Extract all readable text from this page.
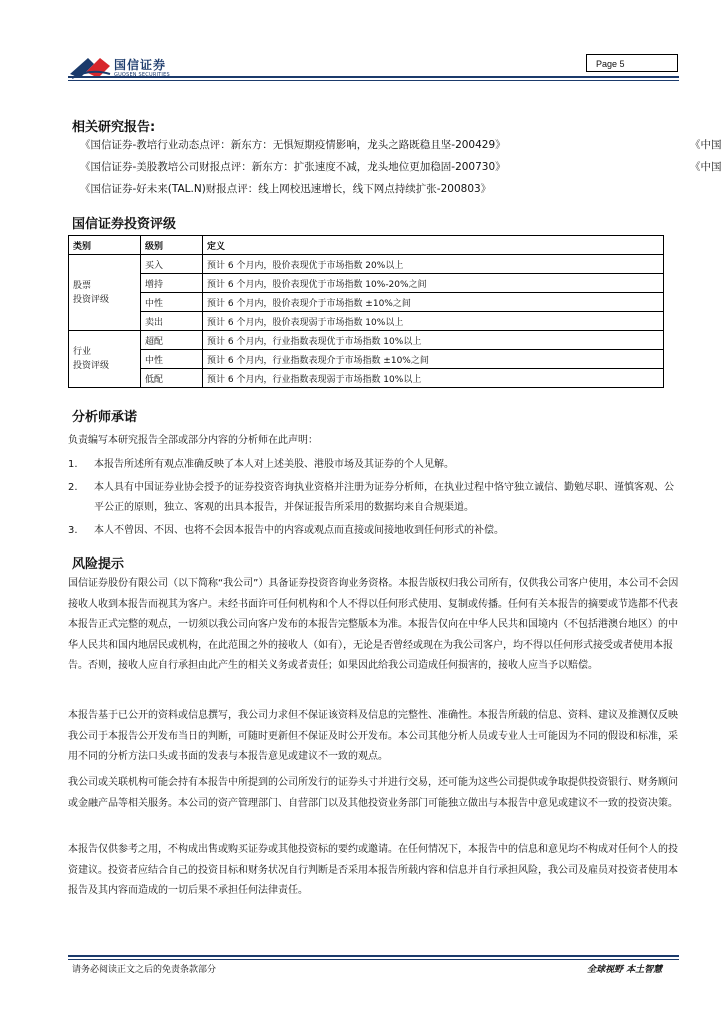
国信证券
GUOSEN SECURITIES
Page 5
相关研究报告:
《国信证券-教培行业动态点评：新东方：无惧短期疫情影响，龙头之路既稳且坚-200429》
《国信证券-美股教培公司财报点评：新东方：扩张速度不减，龙头地位更加稳固-200730》
《国信证券-好未来(TAL.N)财报点评：线上网校迅速增长，线下网点持续扩张-200803》
《中国
《中国
国信证券投资评级
类别	级别	定义

股票
投资评级	买入	预计 6 个月内，股价表现优于市场指数 20%以上
	增持	预计 6 个月内，股价表现优于市场指数 10%-20%之间
	中性	预计 6 个月内，股价表现介于市场指数 ±10%之间
	卖出	预计 6 个月内，股价表现弱于市场指数 10%以上

行业
投资评级	超配	预计 6 个月内，行业指数表现优于市场指数 10%以上
	中性	预计 6 个月内，行业指数表现介于市场指数 ±10%之间
	低配	预计 6 个月内，行业指数表现弱于市场指数 10%以上
分析师承诺
负责编写本研究报告全部或部分内容的分析师在此声明：
1. 本报告所述所有观点准确反映了本人对上述美股、港股市场及其证券的个人见解。
2. 本人具有中国证券业协会授予的证券投资咨询执业资格并注册为证券分析师，在执业过程中恪守独立诚信、勤勉尽职、谨慎客观、公平公正的原则，独立、客观的出具本报告，并保证报告所采用的数据均来自合规渠道。
3. 本人不曾因、不因、也将不会因本报告中的内容或观点而直接或间接地收到任何形式的补偿。
风险提示
国信证券股份有限公司（以下简称“我公司”）具备证券投资咨询业务资格。本报告版权归我公司所有，仅供我公司客户使用，本公司不会因接收人收到本报告而视其为客户。未经书面许可任何机构和个人不得以任何形式使用、复制或传播。任何有关本报告的摘要或节选都不代表本报告正式完整的观点，一切须以我公司向客户发布的本报告完整版本为准。本报告仅向在中华人民共和国境内（不包括港澳台地区）的中华人民共和国内地居民或机构，在此范围之外的接收人（如有），无论是否曾经或现在为我公司客户，均不得以任何形式接受或者使用本报告。否则，接收人应自行承担由此产生的相关义务或者责任；如果因此给我公司造成任何损害的，接收人应当予以赔偿。
本报告基于已公开的资料或信息撰写，我公司力求但不保证该资料及信息的完整性、准确性。本报告所载的信息、资料、建议及推测仅反映我公司于本报告公开发布当日的判断，可随时更新但不保证及时公开发布。本公司其他分析人员或专业人士可能因为不同的假设和标准，采用不同的分析方法口头或书面的发表与本报告意见或建议不一致的观点。
我公司或关联机构可能会持有本报告中所提到的公司所发行的证券头寸并进行交易，还可能为这些公司提供或争取提供投资银行、财务顾问或金融产品等相关服务。本公司的资产管理部门、自营部门以及其他投资业务部门可能独立做出与本报告中意见或建议不一致的投资决策。
本报告仅供参考之用，不构成出售或购买证券或其他投资标的要约或邀请。在任何情况下，本报告中的信息和意见均不构成对任何个人的投资建议。投资者应结合自己的投资目标和财务状况自行判断是否采用本报告所载内容和信息并自行承担风险，我公司及雇员对投资者使用本报告及其内容而造成的一切后果不承担任何法律责任。
请务必阅读正文之后的免责条款部分	全球视野 本土智慧
